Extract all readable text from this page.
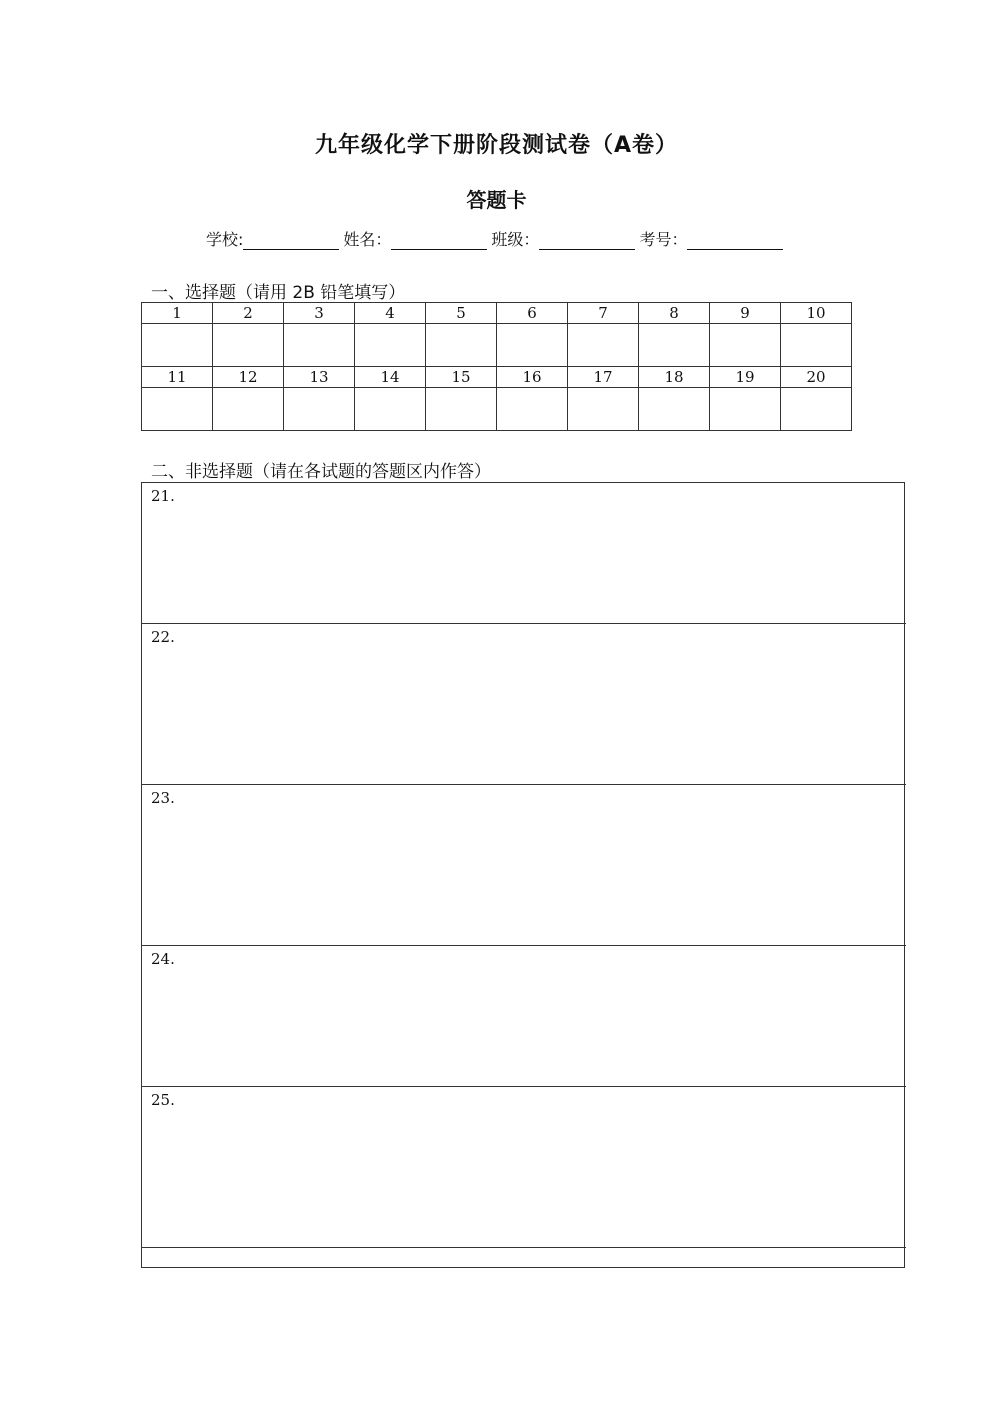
九年级化学下册阶段测试卷（A卷）
答题卡
学校:	姓名：	班级：	考号：
一、选择题（请用 2B 铅笔填写）
1	2	3	4	5	6	7	8	9	10

11	12	13	14	15	16	17	18	19	20

二、非选择题（请在各试题的答题区内作答）
21.
22.
23.
24.
25.
